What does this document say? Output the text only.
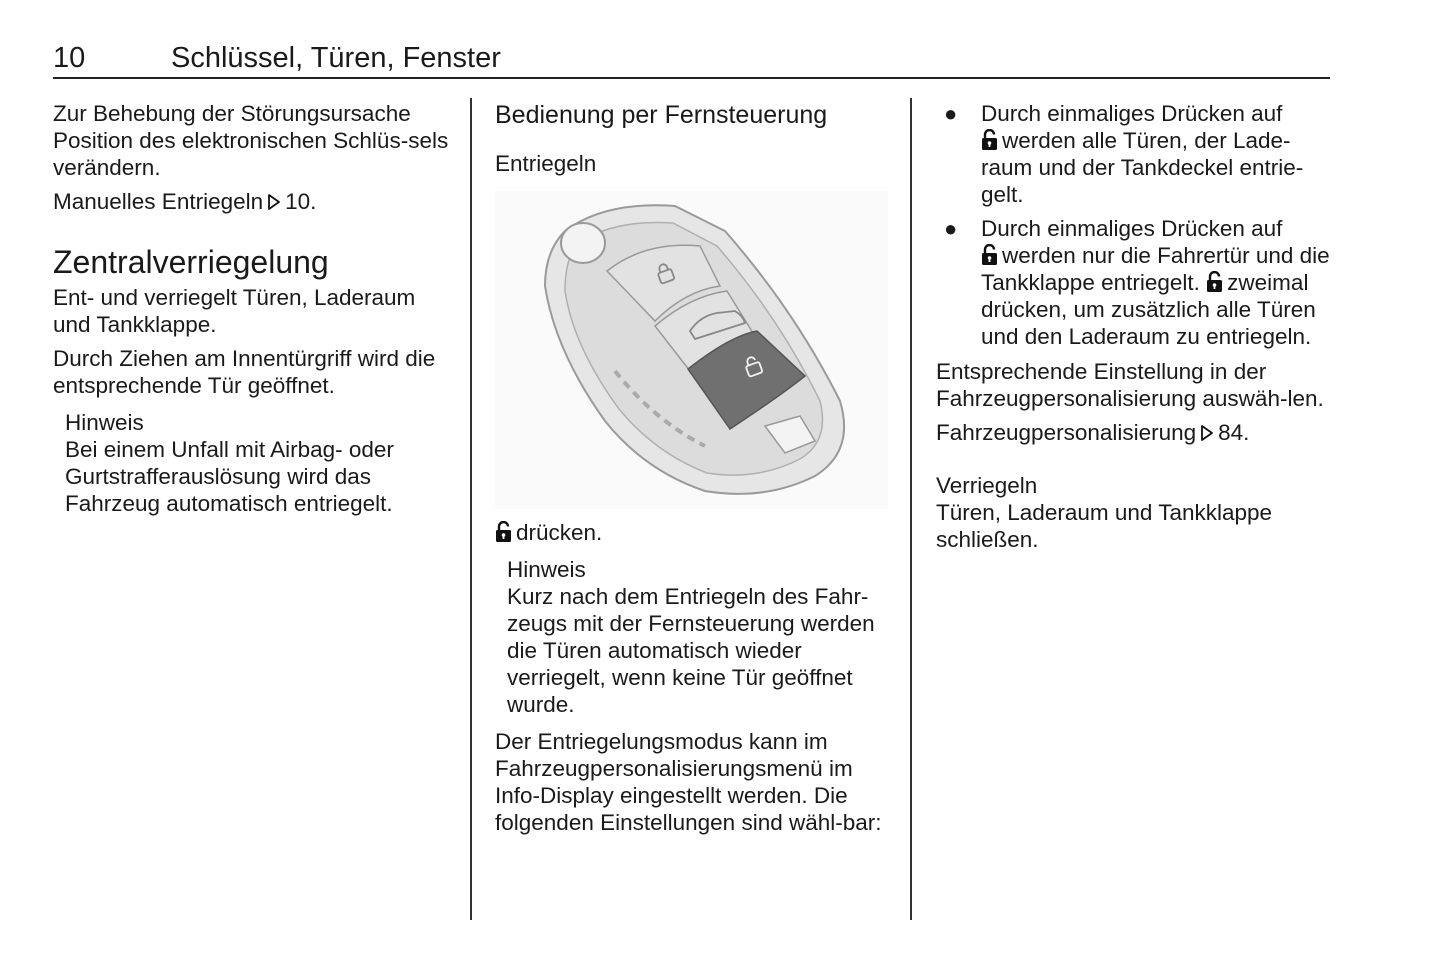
10	Schlüssel, Türen, Fenster

Zur Behebung der Störungsursache Position des elektronischen Schlüs-sels verändern.

Manuelles Entriegeln 10.

Zentralverriegelung

Ent- und verriegelt Türen, Laderaum und Tankklappe.

Durch Ziehen am Innentürgriff wird die entsprechende Tür geöffnet.

Hinweis
Bei einem Unfall mit Airbag- oder Gurtstrafferauslösung wird das Fahrzeug automatisch entriegelt.
Bedienung per Fernsteuerung
Entriegeln

drücken.

Hinweis
Kurz nach dem Entriegeln des Fahr-zeugs mit der Fernsteuerung werden die Türen automatisch wieder verriegelt, wenn keine Tür geöffnet wurde.

Der Entriegelungsmodus kann im Fahrzeugpersonalisierungsmenü im Info-Display eingestellt werden. Die folgenden Einstellungen sind wähl-bar:

● Durch einmaliges Drücken auf
werden alle Türen, der Lade-raum und der Tankdeckel entrie-gelt.
● Durch einmaliges Drücken auf
werden nur die Fahrertür und die Tankklappe entriegelt. zweimal drücken, um zusätzlich alle Türen und den Laderaum zu entriegeln.

Entsprechende Einstellung in der Fahrzeugpersonalisierung auswäh-len.

Fahrzeugpersonalisierung 84.

Verriegeln

Türen, Laderaum und Tankklappe schließen.
